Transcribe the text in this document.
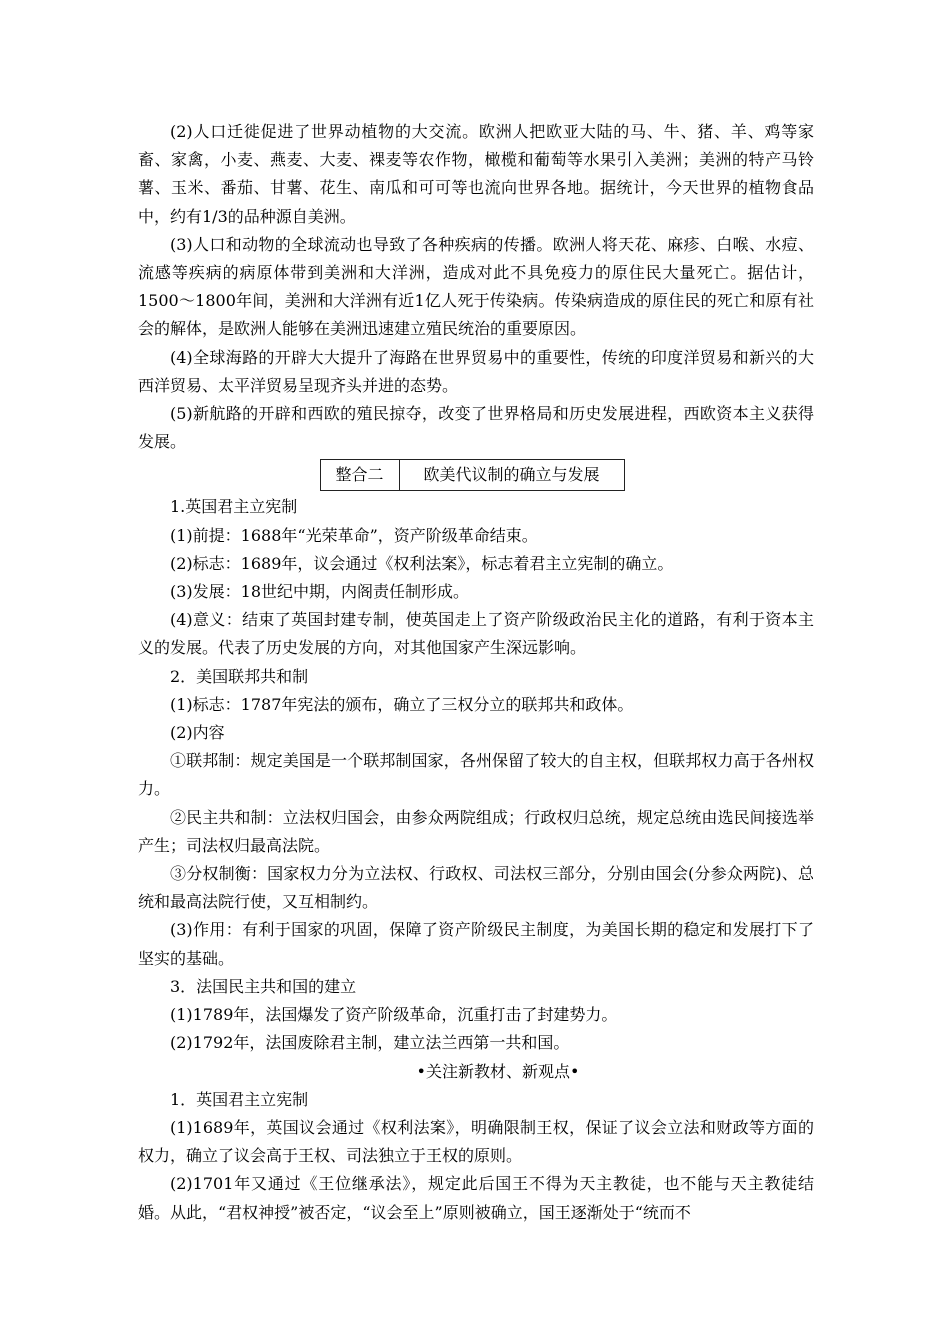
(2)人口迁徙促进了世界动植物的大交流。欧洲人把欧亚大陆的马、牛、猪、羊、鸡等家畜、家禽，小麦、燕麦、大麦、裸麦等农作物，橄榄和葡萄等水果引入美洲；美洲的特产马铃薯、玉米、番茄、甘薯、花生、南瓜和可可等也流向世界各地。据统计，今天世界的植物食品中，约有1/3的品种源自美洲。

(3)人口和动物的全球流动也导致了各种疾病的传播。欧洲人将天花、麻疹、白喉、水痘、流感等疾病的病原体带到美洲和大洋洲，造成对此不具免疫力的原住民大量死亡。据估计，1500～1800年间，美洲和大洋洲有近1亿人死于传染病。传染病造成的原住民的死亡和原有社会的解体，是欧洲人能够在美洲迅速建立殖民统治的重要原因。

(4)全球海路的开辟大大提升了海路在世界贸易中的重要性，传统的印度洋贸易和新兴的大西洋贸易、太平洋贸易呈现齐头并进的态势。

(5)新航路的开辟和西欧的殖民掠夺，改变了世界格局和历史发展进程，西欧资本主义获得发展。

整合二	欧美代议制的确立与发展

1.英国君主立宪制

(1)前提：1688年“光荣革命”，资产阶级革命结束。

(2)标志：1689年，议会通过《权利法案》，标志着君主立宪制的确立。

(3)发展：18世纪中期，内阁责任制形成。

(4)意义：结束了英国封建专制，使英国走上了资产阶级政治民主化的道路，有利于资本主义的发展。代表了历史发展的方向，对其他国家产生深远影响。

2．美国联邦共和制

(1)标志：1787年宪法的颁布，确立了三权分立的联邦共和政体。

(2)内容

①联邦制：规定美国是一个联邦制国家，各州保留了较大的自主权，但联邦权力高于各州权力。

②民主共和制：立法权归国会，由参众两院组成；行政权归总统，规定总统由选民间接选举产生；司法权归最高法院。

③分权制衡：国家权力分为立法权、行政权、司法权三部分，分别由国会(分参众两院)、总统和最高法院行使，又互相制约。

(3)作用：有利于国家的巩固，保障了资产阶级民主制度，为美国长期的稳定和发展打下了坚实的基础。

3．法国民主共和国的建立

(1)1789年，法国爆发了资产阶级革命，沉重打击了封建势力。

(2)1792年，法国废除君主制，建立法兰西第一共和国。

•关注新教材、新观点•

1．英国君主立宪制

(1)1689年，英国议会通过《权利法案》，明确限制王权，保证了议会立法和财政等方面的权力，确立了议会高于王权、司法独立于王权的原则。

(2)1701年又通过《王位继承法》，规定此后国王不得为天主教徒，也不能与天主教徒结婚。从此，“君权神授”被否定，“议会至上”原则被确立，国王逐渐处于“统而不
